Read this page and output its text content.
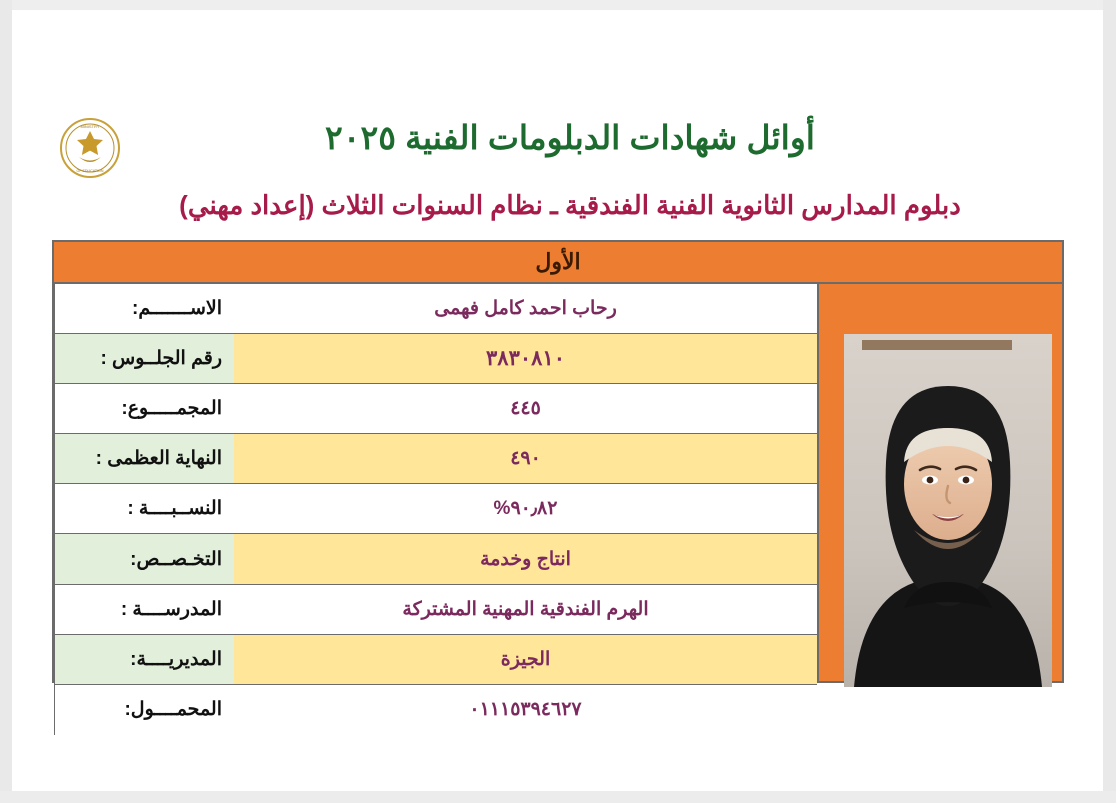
MINISTRY
OF EDUCATION
أوائل شهادات الدبلومات الفنية ٢٠٢٥
دبلوم المدارس الثانوية الفنية الفندقية ـ نظام السنوات الثلاث (إعداد مهني)
الأول
رحاب احمد كامل فهمى
الاســـــــم:
٣٨٣٠٨١٠
رقم الجلــوس :
٤٤٥
المجمـــــوع:
٤٩٠
النهاية العظمى :
٩٠٫٨٢%
النســبــــة :
انتاج وخدمة
التخـصــص:
الهرم الفندقية المهنية المشتركة
المدرســــة :
الجيزة
المديريــــة:
٠١١١٥٣٩٤٦٢٧
المحمــــول:
